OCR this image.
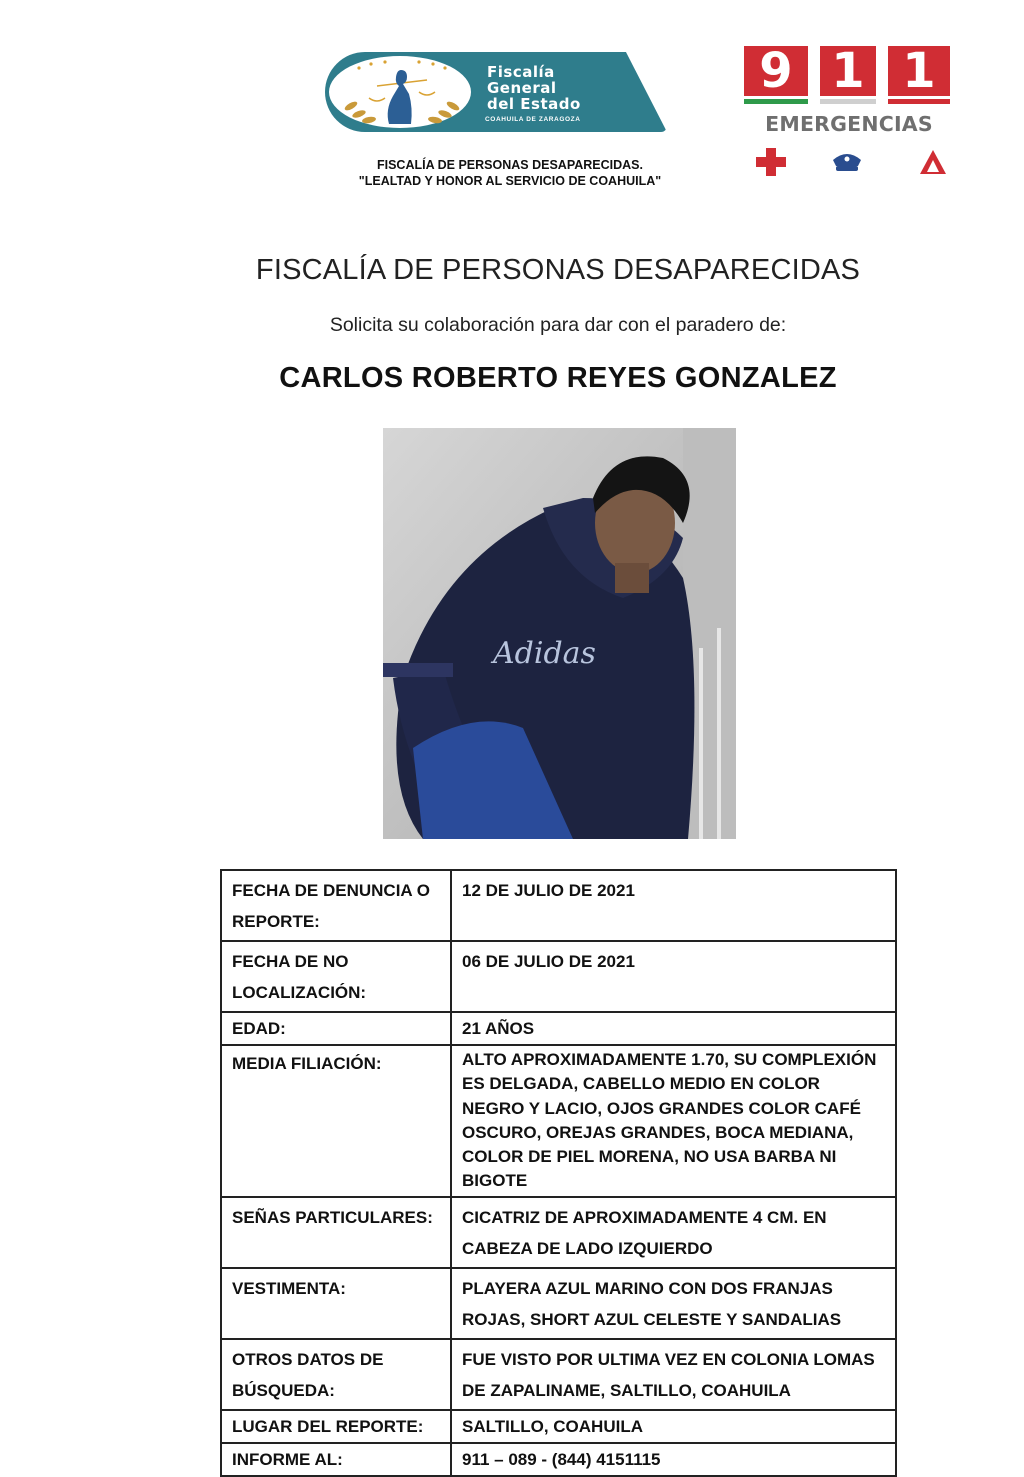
Fiscalía
General
del Estado
COAHUILA DE ZARAGOZA
FISCALÍA DE PERSONAS DESAPARECIDAS.
"LEALTAD Y HONOR AL SERVICIO DE COAHUILA"
9 1 1
EMERGENCIAS
FISCALÍA DE PERSONAS DESAPARECIDAS
Solicita su colaboración para dar con el paradero de:
CARLOS ROBERTO REYES GONZALEZ
Adidas
FECHA DE DENUNCIA O REPORTE:	12 DE JULIO DE 2021
FECHA DE NO LOCALIZACIÓN:	06 DE JULIO DE 2021
EDAD:	21 AÑOS
MEDIA FILIACIÓN:	ALTO APROXIMADAMENTE 1.70, SU COMPLEXIÓN ES DELGADA, CABELLO MEDIO EN COLOR NEGRO Y LACIO, OJOS GRANDES COLOR CAFÉ OSCURO, OREJAS GRANDES, BOCA MEDIANA, COLOR DE PIEL MORENA, NO USA BARBA NI BIGOTE
SEÑAS PARTICULARES:	CICATRIZ DE APROXIMADAMENTE 4 CM. EN CABEZA DE LADO IZQUIERDO
VESTIMENTA:	PLAYERA AZUL MARINO CON DOS FRANJAS ROJAS, SHORT AZUL CELESTE Y SANDALIAS
OTROS DATOS DE BÚSQUEDA:	FUE VISTO POR ULTIMA VEZ EN COLONIA LOMAS DE ZAPALINAME, SALTILLO, COAHUILA
LUGAR DEL REPORTE:	SALTILLO, COAHUILA
INFORME AL:	911 – 089 - (844) 4151115
